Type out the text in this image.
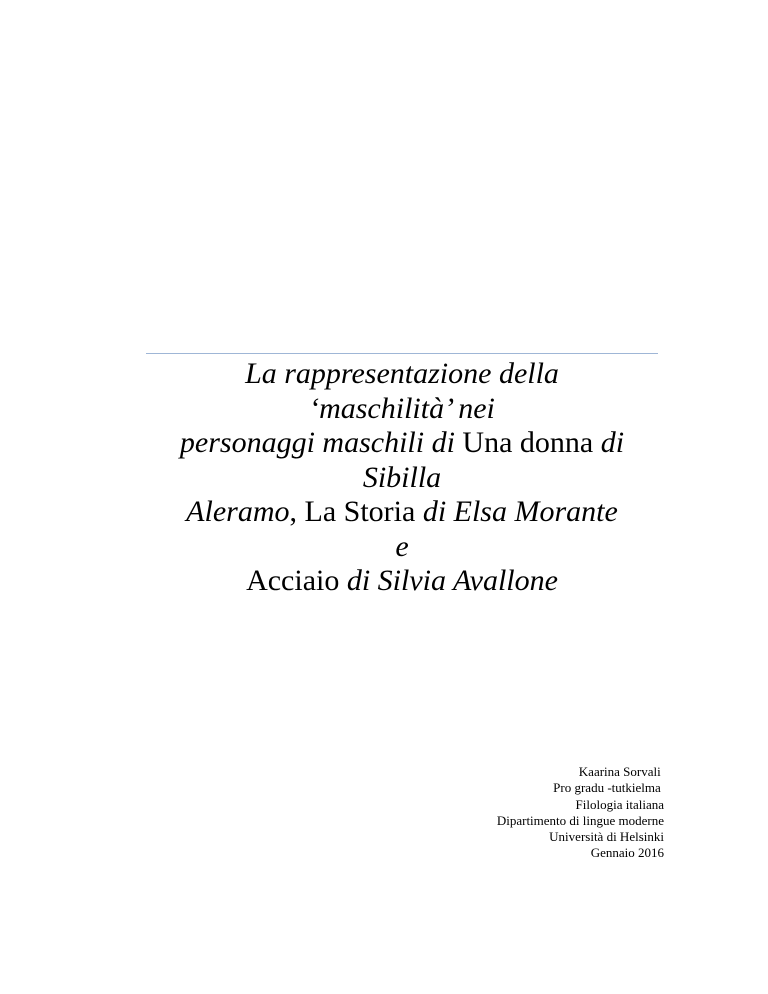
La rappresentazione della
‘maschilità’ nei
personaggi maschili di Una donna di
Sibilla
Aleramo, La Storia di Elsa Morante
e
Acciaio di Silvia Avallone
Kaarina Sorvali
Pro gradu -tutkielma
Filologia italiana
Dipartimento di lingue moderne
Università di Helsinki
Gennaio 2016
